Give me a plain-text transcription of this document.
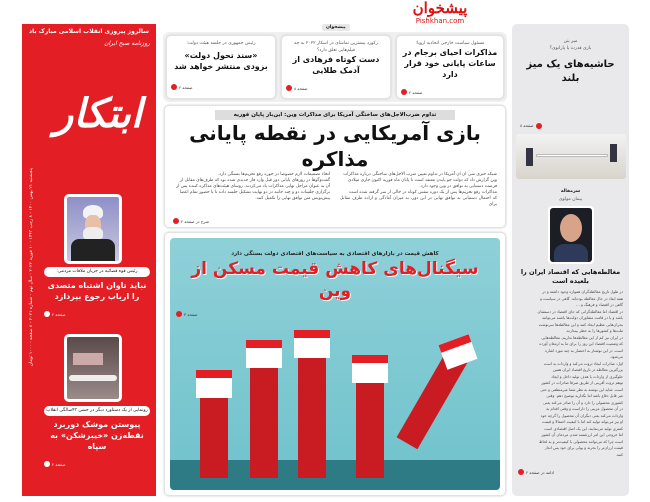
پیشخوان
Pishkhan.com
سالروز پیروزی انقلاب اسلامی مبارک باد
روزنامه صبح ایران
ابتکار
پنجشنبه ۲۱ بهمن ۱۴۰۰ - ۸ رجب ۱۴۴۳ - ۱۰ فوریه ۲۰۲۲ - سال نهم - شماره ۲۰۲۱ - ۸ صفحه - ۱۰۰۰ تومان
رئیس قوه قضائیه در جریان ملاقات مردمی:
نباید تاوان اشتباه متصدی را ارباب رجوع بپردازد
صفحه ۲
رونمایی از یک دستاورد دیگر در جشن ۴۳سالگی انقلاب
پیوستن موشک دوربرد نقطه‌زن «خیبرشکن» به سپاه
صفحه ۲
پیشخوان
مسئول سیاست خارجی اتحادیه اروپا:
مذاکرات احیای برجام در ساعات پایانی خود قرار دارد
صفحه ۲
رکورد بیشترین تماشای در اسکار ۲۰۲۲ به چه فیلم‌هایی تعلق دارد؟
دست کوتاه فرهادی از آدمک طلایی
صفحه ۸
رئیس جمهوری در جلسه هیئت دولت:
«سند تحول دولت» بزودی منتشر خواهد شد
صفحه ۲
تداوم ضرب‌الاجل‌های ساختگی آمریکا برای مذاکرات وین: این‌بار پایان فوریه
بازی آمریکایی در نقطه پایانی مذاکره
شبکه خبری سی ان ان آمریکا در تداوم تعیین ضرب الاجل‌های ساختگی درباره مذاکرات
وین گزارش داد که دولت جو بایدن معتقد است تا پایان ماه فوریه اکنون جاری میلادی
فرصت دستیابی به توافق در وین وجود دارد.
مذاکرات رفع تحریم‌ها پس از یک دوره تنفس کوتاه در حالی از سر گرفته شده است
که احتمال دستیابی به توافق نهایی در این دور، به میزان آمادگی و اراده طرف مقابل برای
اتخاذ تصمیمات لازم خصوصا در حوزه رفع تحریم‌ها بستگی دارد.
گفت‌وگوها در روزهای پایانی دور قبل وارد فاز جدیدی شده بود که طرف‌های مقابل از
آن به عنوان مراحل نهایی مذاکرات یاد می‌کردند. روسای هیئت‌های مذاکره کننده پس از
برگزاری جلسات دو و چند جانبه در دو نهایت تشکیل جلسه داده تا با حضور تمام اعضا
پیش‌نویس متن توافق نهایی را تکمیل کنند.
شرح در صفحه ۲
کاهش قیمت در بازارهای اقتصادی به سیاست‌های اقتصادی دولت بستگی دارد
سیگنال‌های کاهش قیمت مسکن از وین
صفحه ۳
میز بتن
بازی قدرت یا پارانوی؟
حاشیه‌های یک میز بلند
صفحه ۸
سرمقاله
پیمان مولوی
مغالطه‌هایی که اقتصاد ایران را بلعیده است
در طول تاریخ مغالطه‌گران همواره وجود داشته و در
همه ابعاد در حال مغالطه بوده‌اند. گاهی در سیاست و
گاهی در اقتصاد و فرهنگ و ...
در اقتصاد اما مغالطه‌گرانی که جای اقتصاد در دستشان
باشد و یا در قامت مشاوران دولت‌ها باشند می‌توانند
بحران‌هایی عظیم ایجاد کنند و این مغالطه‌ها سرنوشت
ملت‌ها و کشورها را به خطر بیندازند.
در ایران نیز کم از این مغالطه‌ها نداریم. مغالطه‌هایی
که وضعیت اقتصاد این روز را برای ما به ارمغان آورده
است. در این نوشتار به اختصار به چند مورد اشاره
می‌شود.
اول: صادرات ایجاد ثروت می‌کند و واردات بد است
بزرگترین مغالطه در تاریخ اقتصاد ایران همین
جلوگیری از واردات با هدف تولید داخل و ایجاد
توهم ثروت آفرینی از طریق صرفا صادرات در کشور
است. شاید این نوشته به نظر شما غیرمنطقی و حتی
غیر قابل دفاع باشد اما بگذارید توضیح دهم. وقتی
کشوری محصولی را دارد و آن را صادر می‌کند یعنی
در آن محصول مزیتی را داراست و وقتی اقدام به
واردات می‌کند یعنی دیگران آن محصول را گرچه خود
او نیز می‌تواند تولید کند اما با کیفیت احتمالا و قیمت
کمتری تولید می‌نمایند. این یک اصل اقتصادی است
اما خروجی این امر ارزشمند شدن مردمان آن کشور
است چرا که می‌توانند محصولی با کیفیت‌تر و به لحاظ
قیمت ارزان‌تر را بخرند و پولی برای خود پس انداز
کنند.
ادامه در صفحه ۲
